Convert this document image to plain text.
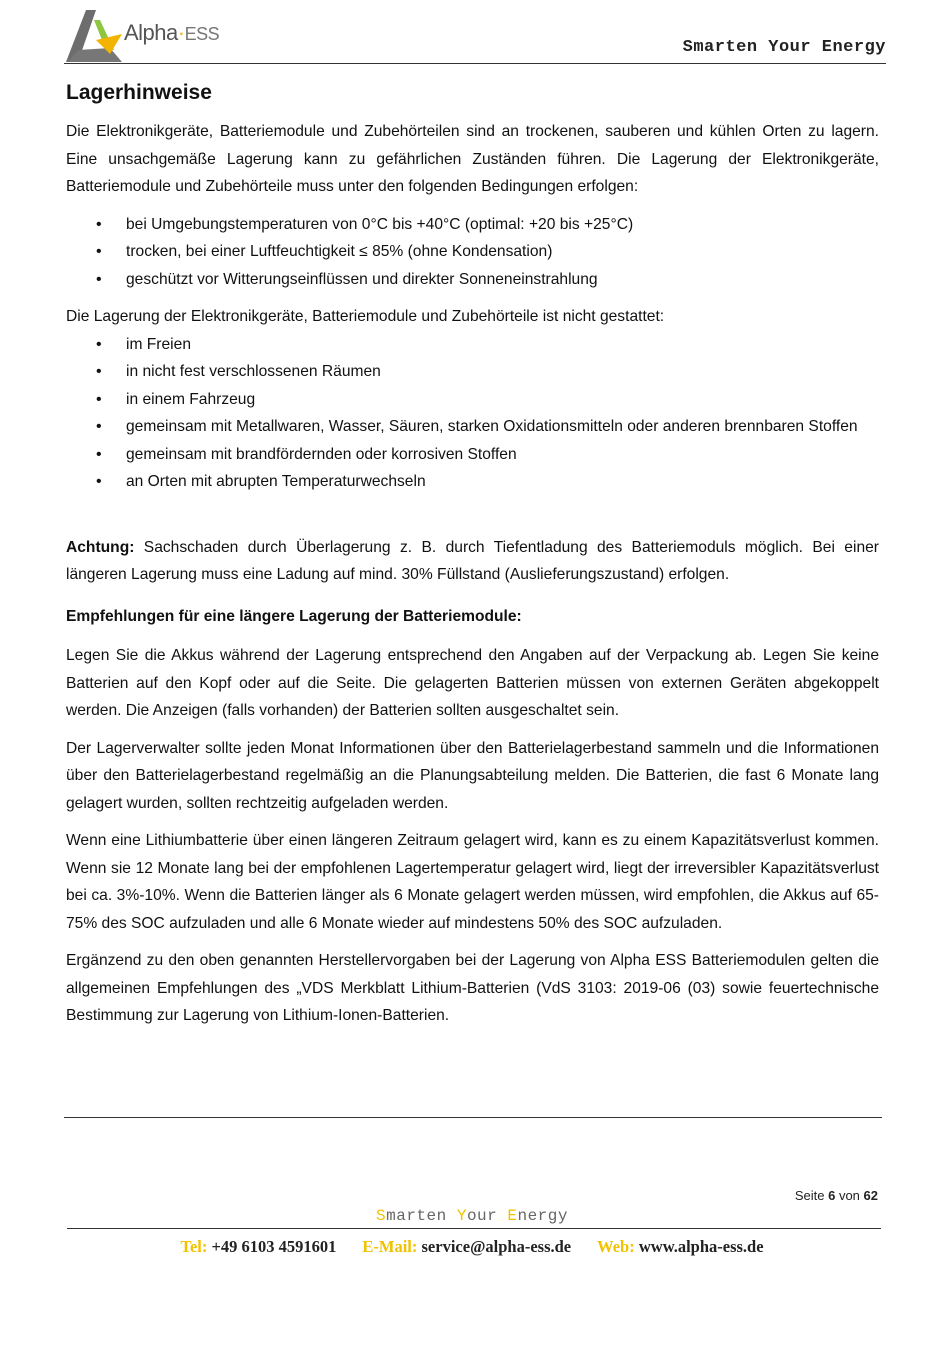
Alpha·ESS
Smarten Your Energy
Lagerhinweise

Die Elektronikgeräte, Batteriemodule und Zubehörteilen sind an trockenen, sauberen und kühlen Orten zu lagern. Eine unsachgemäße Lagerung kann zu gefährlichen Zuständen führen. Die Lagerung der Elektronikgeräte, Batteriemodule und Zubehörteile muss unter den folgenden Bedingungen erfolgen:

• bei Umgebungstemperaturen von 0°C bis +40°C (optimal: +20 bis +25°C)
• trocken, bei einer Luftfeuchtigkeit ≤ 85% (ohne Kondensation)
• geschützt vor Witterungseinflüssen und direkter Sonneneinstrahlung
Die Lagerung der Elektronikgeräte, Batteriemodule und Zubehörteile ist nicht gestattet:
• im Freien
• in nicht fest verschlossenen Räumen
• in einem Fahrzeug
• gemeinsam mit Metallwaren, Wasser, Säuren, starken Oxidationsmitteln oder anderen brennbaren Stoffen
• gemeinsam mit brandfördernden oder korrosiven Stoffen
• an Orten mit abrupten Temperaturwechseln

Achtung: Sachschaden durch Überlagerung z. B. durch Tiefentladung des Batteriemoduls möglich. Bei einer längeren Lagerung muss eine Ladung auf mind. 30% Füllstand (Auslieferungszustand) erfolgen.

Empfehlungen für eine längere Lagerung der Batteriemodule:

Legen Sie die Akkus während der Lagerung entsprechend den Angaben auf der Verpackung ab. Legen Sie keine Batterien auf den Kopf oder auf die Seite. Die gelagerten Batterien müssen von externen Geräten abgekoppelt werden. Die Anzeigen (falls vorhanden) der Batterien sollten ausgeschaltet sein.

Der Lagerverwalter sollte jeden Monat Informationen über den Batterielagerbestand sammeln und die Informationen über den Batterielagerbestand regelmäßig an die Planungsabteilung melden. Die Batterien, die fast 6 Monate lang gelagert wurden, sollten rechtzeitig aufgeladen werden.

Wenn eine Lithiumbatterie über einen längeren Zeitraum gelagert wird, kann es zu einem Kapazitätsverlust kommen. Wenn sie 12 Monate lang bei der empfohlenen Lagertemperatur gelagert wird, liegt der irreversibler Kapazitätsverlust bei ca. 3%-10%. Wenn die Batterien länger als 6 Monate gelagert werden müssen, wird empfohlen, die Akkus auf 65-75% des SOC aufzuladen und alle 6 Monate wieder auf mindestens 50% des SOC aufzuladen.

Ergänzend zu den oben genannten Herstellervorgaben bei der Lagerung von Alpha ESS Batteriemodulen gelten die allgemeinen Empfehlungen des „VDS Merkblatt Lithium-Batterien (VdS 3103: 2019-06 (03) sowie feuertechnische Bestimmung zur Lagerung von Lithium-Ionen-Batterien.

Seite 6 von 62
Smarten Your Energy
Tel: +49 6103 4591601 E-Mail: service@alpha-ess.de Web: www.alpha-ess.de
